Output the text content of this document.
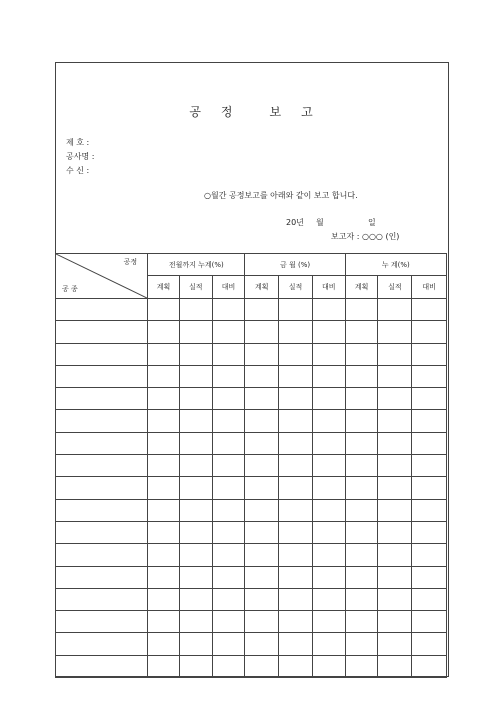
공 정	보 고
제 호 :
공사명 :
수 신 :
○월간 공정보고를 아래와 같이 보고 합니다.
20년 월	일
보고자 : ○○○ (인)
공정
공 종	전월까지 누계(%)			금 월 (%)			누 계(%)		
	계획	실적	대비	계획	실적	대비	계획	실적	대비
